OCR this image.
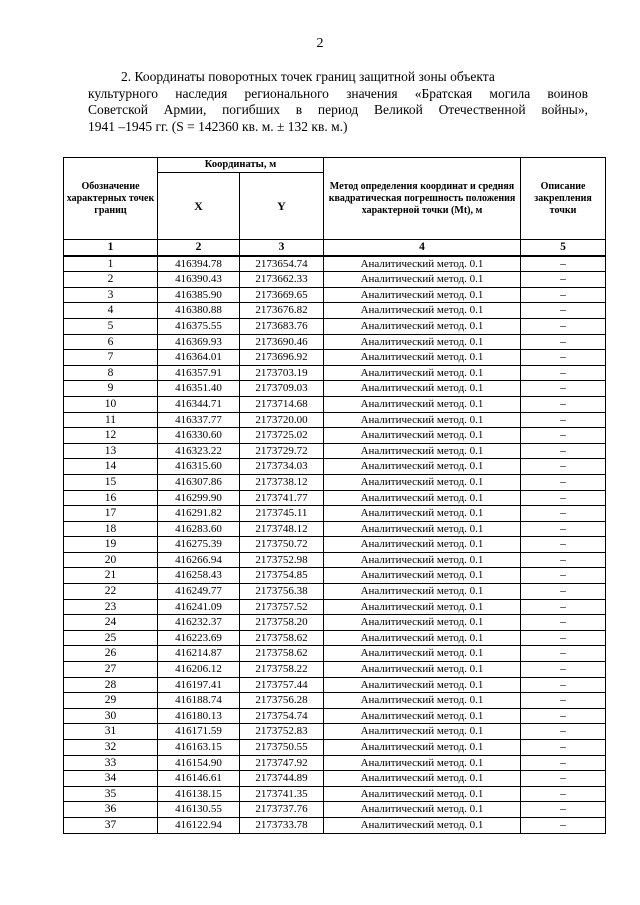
2
2. Координаты поворотных точек границ защитной зоны объекта
культурного наследия регионального значения «Братская могила воинов
Советской Армии, погибших в период Великой Отечественной войны»,
1941 –1945 гг. (S = 142360 кв. м. ± 132 кв. м.)
Обозначение характерных точек границ	Координаты, м		Метод определения координат и средняя квадратическая погрешность положения характерной точки (Mt), м	Описание закрепления точки
	X	Y		
1	2	3	4	5
1	416394.78	2173654.74	Аналитический метод. 0.1	–
2	416390.43	2173662.33	Аналитический метод. 0.1	–
3	416385.90	2173669.65	Аналитический метод. 0.1	–
4	416380.88	2173676.82	Аналитический метод. 0.1	–
5	416375.55	2173683.76	Аналитический метод. 0.1	–
6	416369.93	2173690.46	Аналитический метод. 0.1	–
7	416364.01	2173696.92	Аналитический метод. 0.1	–
8	416357.91	2173703.19	Аналитический метод. 0.1	–
9	416351.40	2173709.03	Аналитический метод. 0.1	–
10	416344.71	2173714.68	Аналитический метод. 0.1	–
11	416337.77	2173720.00	Аналитический метод. 0.1	–
12	416330.60	2173725.02	Аналитический метод. 0.1	–
13	416323.22	2173729.72	Аналитический метод. 0.1	–
14	416315.60	2173734.03	Аналитический метод. 0.1	–
15	416307.86	2173738.12	Аналитический метод. 0.1	–
16	416299.90	2173741.77	Аналитический метод. 0.1	–
17	416291.82	2173745.11	Аналитический метод. 0.1	–
18	416283.60	2173748.12	Аналитический метод. 0.1	–
19	416275.39	2173750.72	Аналитический метод. 0.1	–
20	416266.94	2173752.98	Аналитический метод. 0.1	–
21	416258.43	2173754.85	Аналитический метод. 0.1	–
22	416249.77	2173756.38	Аналитический метод. 0.1	–
23	416241.09	2173757.52	Аналитический метод. 0.1	–
24	416232.37	2173758.20	Аналитический метод. 0.1	–
25	416223.69	2173758.62	Аналитический метод. 0.1	–
26	416214.87	2173758.62	Аналитический метод. 0.1	–
27	416206.12	2173758.22	Аналитический метод. 0.1	–
28	416197.41	2173757.44	Аналитический метод. 0.1	–
29	416188.74	2173756.28	Аналитический метод. 0.1	–
30	416180.13	2173754.74	Аналитический метод. 0.1	–
31	416171.59	2173752.83	Аналитический метод. 0.1	–
32	416163.15	2173750.55	Аналитический метод. 0.1	–
33	416154.90	2173747.92	Аналитический метод. 0.1	–
34	416146.61	2173744.89	Аналитический метод. 0.1	–
35	416138.15	2173741.35	Аналитический метод. 0.1	–
36	416130.55	2173737.76	Аналитический метод. 0.1	–
37	416122.94	2173733.78	Аналитический метод. 0.1	–
